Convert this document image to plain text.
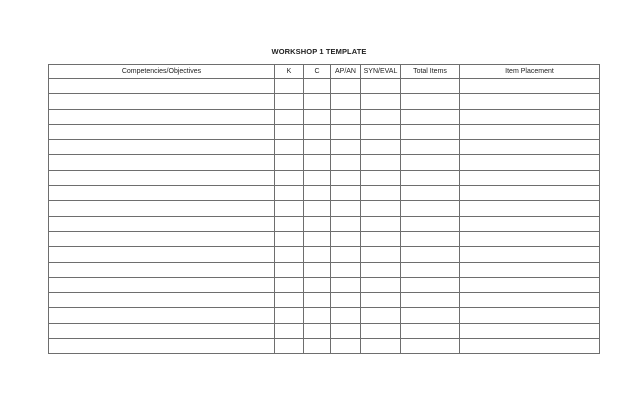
WORKSHOP 1 TEMPLATE
Competencies/Objectives	K	C	AP/AN	SYN/EVAL	Total Items	Item Placement
